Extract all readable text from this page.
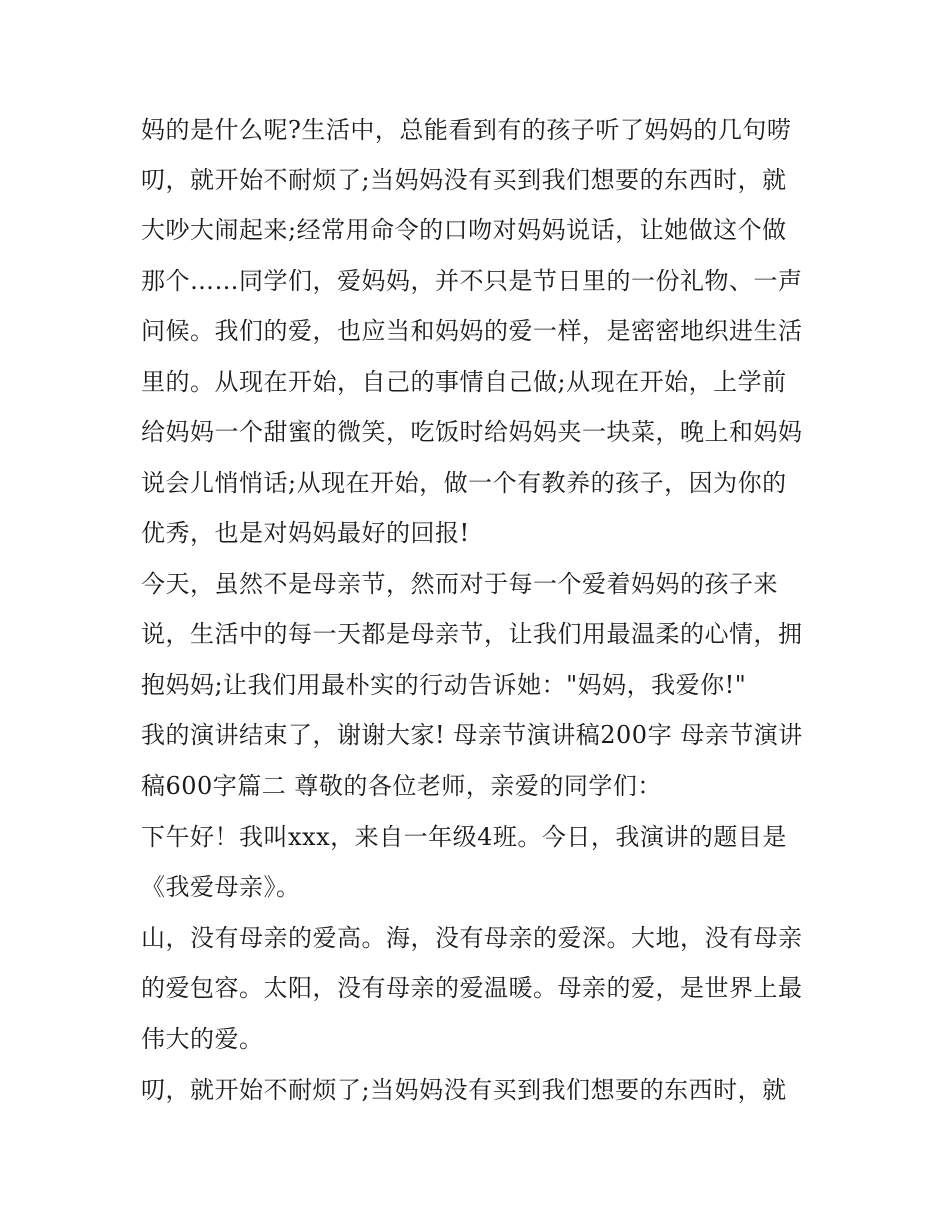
妈的是什么呢?生活中，总能看到有的孩子听了妈妈的几句唠
叨，就开始不耐烦了;当妈妈没有买到我们想要的东西时，就
大吵大闹起来;经常用命令的口吻对妈妈说话，让她做这个做
那个……同学们，爱妈妈，并不只是节日里的一份礼物、一声
问候。我们的爱，也应当和妈妈的爱一样，是密密地织进生活
里的。从现在开始，自己的事情自己做;从现在开始，上学前
给妈妈一个甜蜜的微笑，吃饭时给妈妈夹一块菜，晚上和妈妈
说会儿悄悄话;从现在开始，做一个有教养的孩子，因为你的
优秀，也是对妈妈最好的回报!
今天，虽然不是母亲节，然而对于每一个爱着妈妈的孩子来
说，生活中的每一天都是母亲节，让我们用最温柔的心情，拥
抱妈妈;让我们用最朴实的行动告诉她："妈妈，我爱你!"
我的演讲结束了，谢谢大家! 母亲节演讲稿200字 母亲节演讲
稿600字篇二 尊敬的各位老师，亲爱的同学们：
下午好！我叫xxx，来自一年级4班。今日，我演讲的题目是
《我爱母亲》。
山，没有母亲的爱高。海，没有母亲的爱深。大地，没有母亲
的爱包容。太阳，没有母亲的爱温暖。母亲的爱，是世界上最
伟大的爱。
叨，就开始不耐烦了;当妈妈没有买到我们想要的东西时，就
